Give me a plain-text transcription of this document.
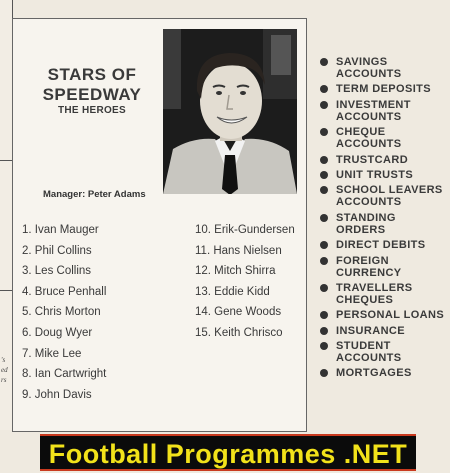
's
ed
rs
STARS OF
SPEEDWAY
THE HEROES
Manager: Peter Adams
1. Ivan Mauger
2. Phil Collins
3. Les Collins
4. Bruce Penhall
5. Chris Morton
6. Doug Wyer
7. Mike Lee
8. Ian Cartwright
9. John Davis
10. Erik-Gundersen
11. Hans Nielsen
12. Mitch Shirra
13. Eddie Kidd
14. Gene Woods
15. Keith Chrisco
SAVINGS ACCOUNTS
TERM DEPOSITS
INVESTMENT ACCOUNTS
CHEQUE ACCOUNTS
TRUSTCARD
UNIT TRUSTS
SCHOOL LEAVERS ACCOUNTS
STANDING ORDERS
DIRECT DEBITS
FOREIGN CURRENCY
TRAVELLERS CHEQUES
PERSONAL LOANS
INSURANCE
STUDENT ACCOUNTS
MORTGAGES
Football Programmes .NET
